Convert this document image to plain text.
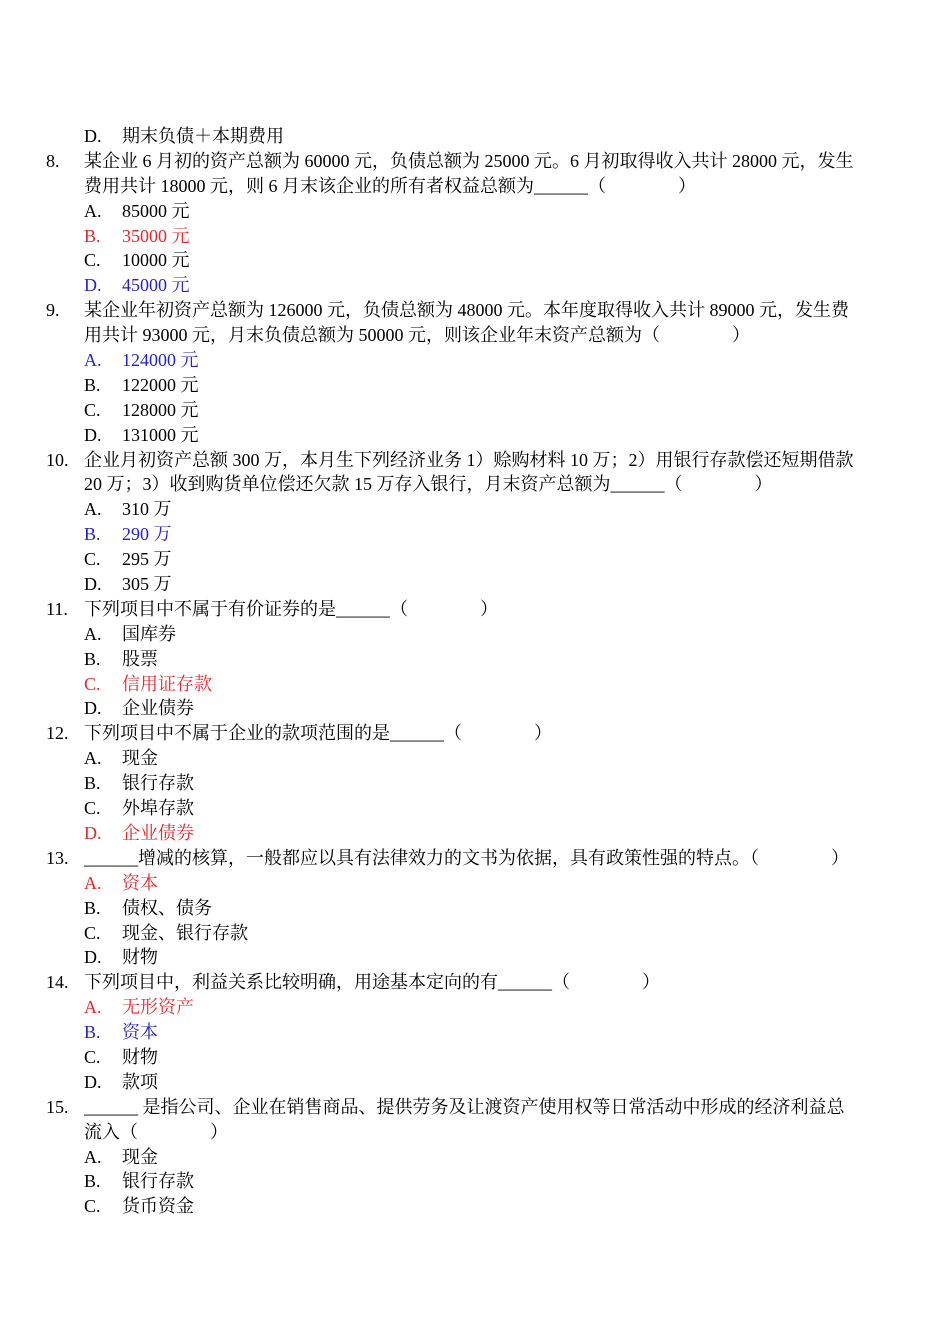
D. 期末负债＋本期费用
8. 某企业 6 月初的资产总额为 60000 元，负债总额为 25000 元。6 月初取得收入共计 28000 元，发生
费用共计 18000 元，则 6 月末该企业的所有者权益总额为______（　　　　）
A. 85000 元
B. 35000 元
C. 10000 元
D. 45000 元
9. 某企业年初资产总额为 126000 元，负债总额为 48000 元。本年度取得收入共计 89000 元，发生费
用共计 93000 元，月末负债总额为 50000 元，则该企业年末资产总额为（　　　　）
A. 124000 元
B. 122000 元
C. 128000 元
D. 131000 元
10. 企业月初资产总额 300 万，本月生下列经济业务 1）赊购材料 10 万；2）用银行存款偿还短期借款
20 万；3）收到购货单位偿还欠款 15 万存入银行，月末资产总额为______（　　　　）
A. 310 万
B. 290 万
C. 295 万
D. 305 万
11. 下列项目中不属于有价证券的是______（　　　　）
A. 国库券
B. 股票
C. 信用证存款
D. 企业债券
12. 下列项目中不属于企业的款项范围的是______（　　　　）
A. 现金
B. 银行存款
C. 外埠存款
D. 企业债券
13. ______增减的核算，一般都应以具有法律效力的文书为依据，具有政策性强的特点。（　　　　）
A. 资本
B. 债权、债务
C. 现金、银行存款
D. 财物
14. 下列项目中，利益关系比较明确，用途基本定向的有______（　　　　）
A. 无形资产
B. 资本
C. 财物
D. 款项
15. ______ 是指公司、企业在销售商品、提供劳务及让渡资产使用权等日常活动中形成的经济利益总
流入（　　　　）
A. 现金
B. 银行存款
C. 货币资金
